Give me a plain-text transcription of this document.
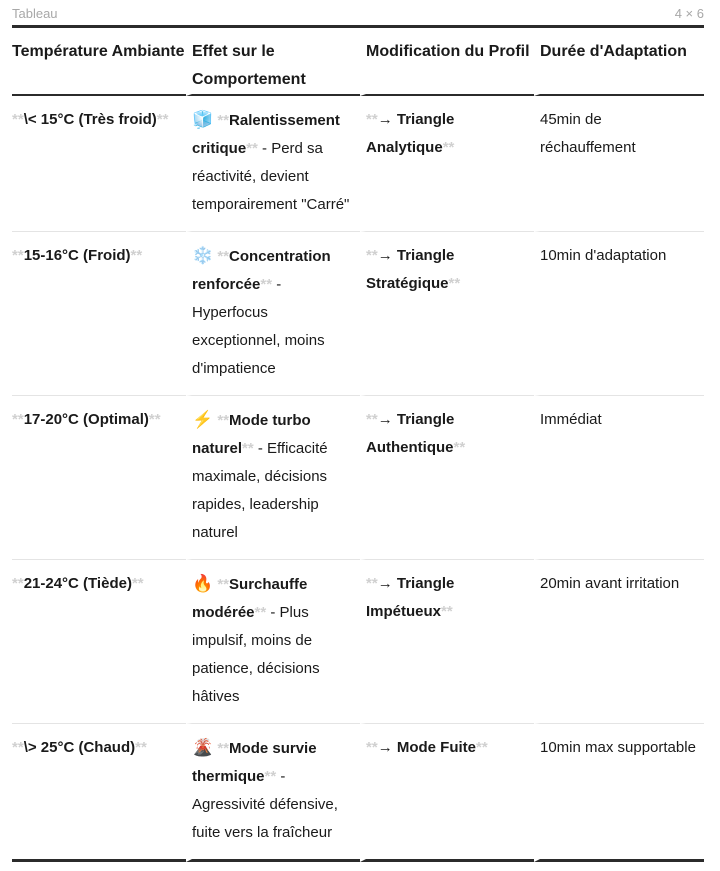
Tableau	4 × 6
Température Ambiante	Effet sur le Comportement	Modification du Profil	Durée d'Adaptation

**\< 15°C (Très froid)**	🧊 **Ralentissement critique** - Perd sa réactivité, devient temporairement "Carré"	**→ Triangle Analytique**	45min de réchauffement

**15-16°C (Froid)**	❄️ **Concentration renforcée** - Hyperfocus exceptionnel, moins d'impatience	**→ Triangle Stratégique**	10min d'adaptation

**17-20°C (Optimal)**	⚡ **Mode turbo naturel** - Efficacité maximale, décisions rapides, leadership naturel	**→ Triangle Authentique**	Immédiat

**21-24°C (Tiède)**	🔥 **Surchauffe modérée** - Plus impulsif, moins de patience, décisions hâtives	**→ Triangle Impétueux**	20min avant irritation

**\> 25°C (Chaud)**	🌋 **Mode survie thermique** - Agressivité défensive, fuite vers la fraîcheur	**→ Mode Fuite**	10min max supportable
